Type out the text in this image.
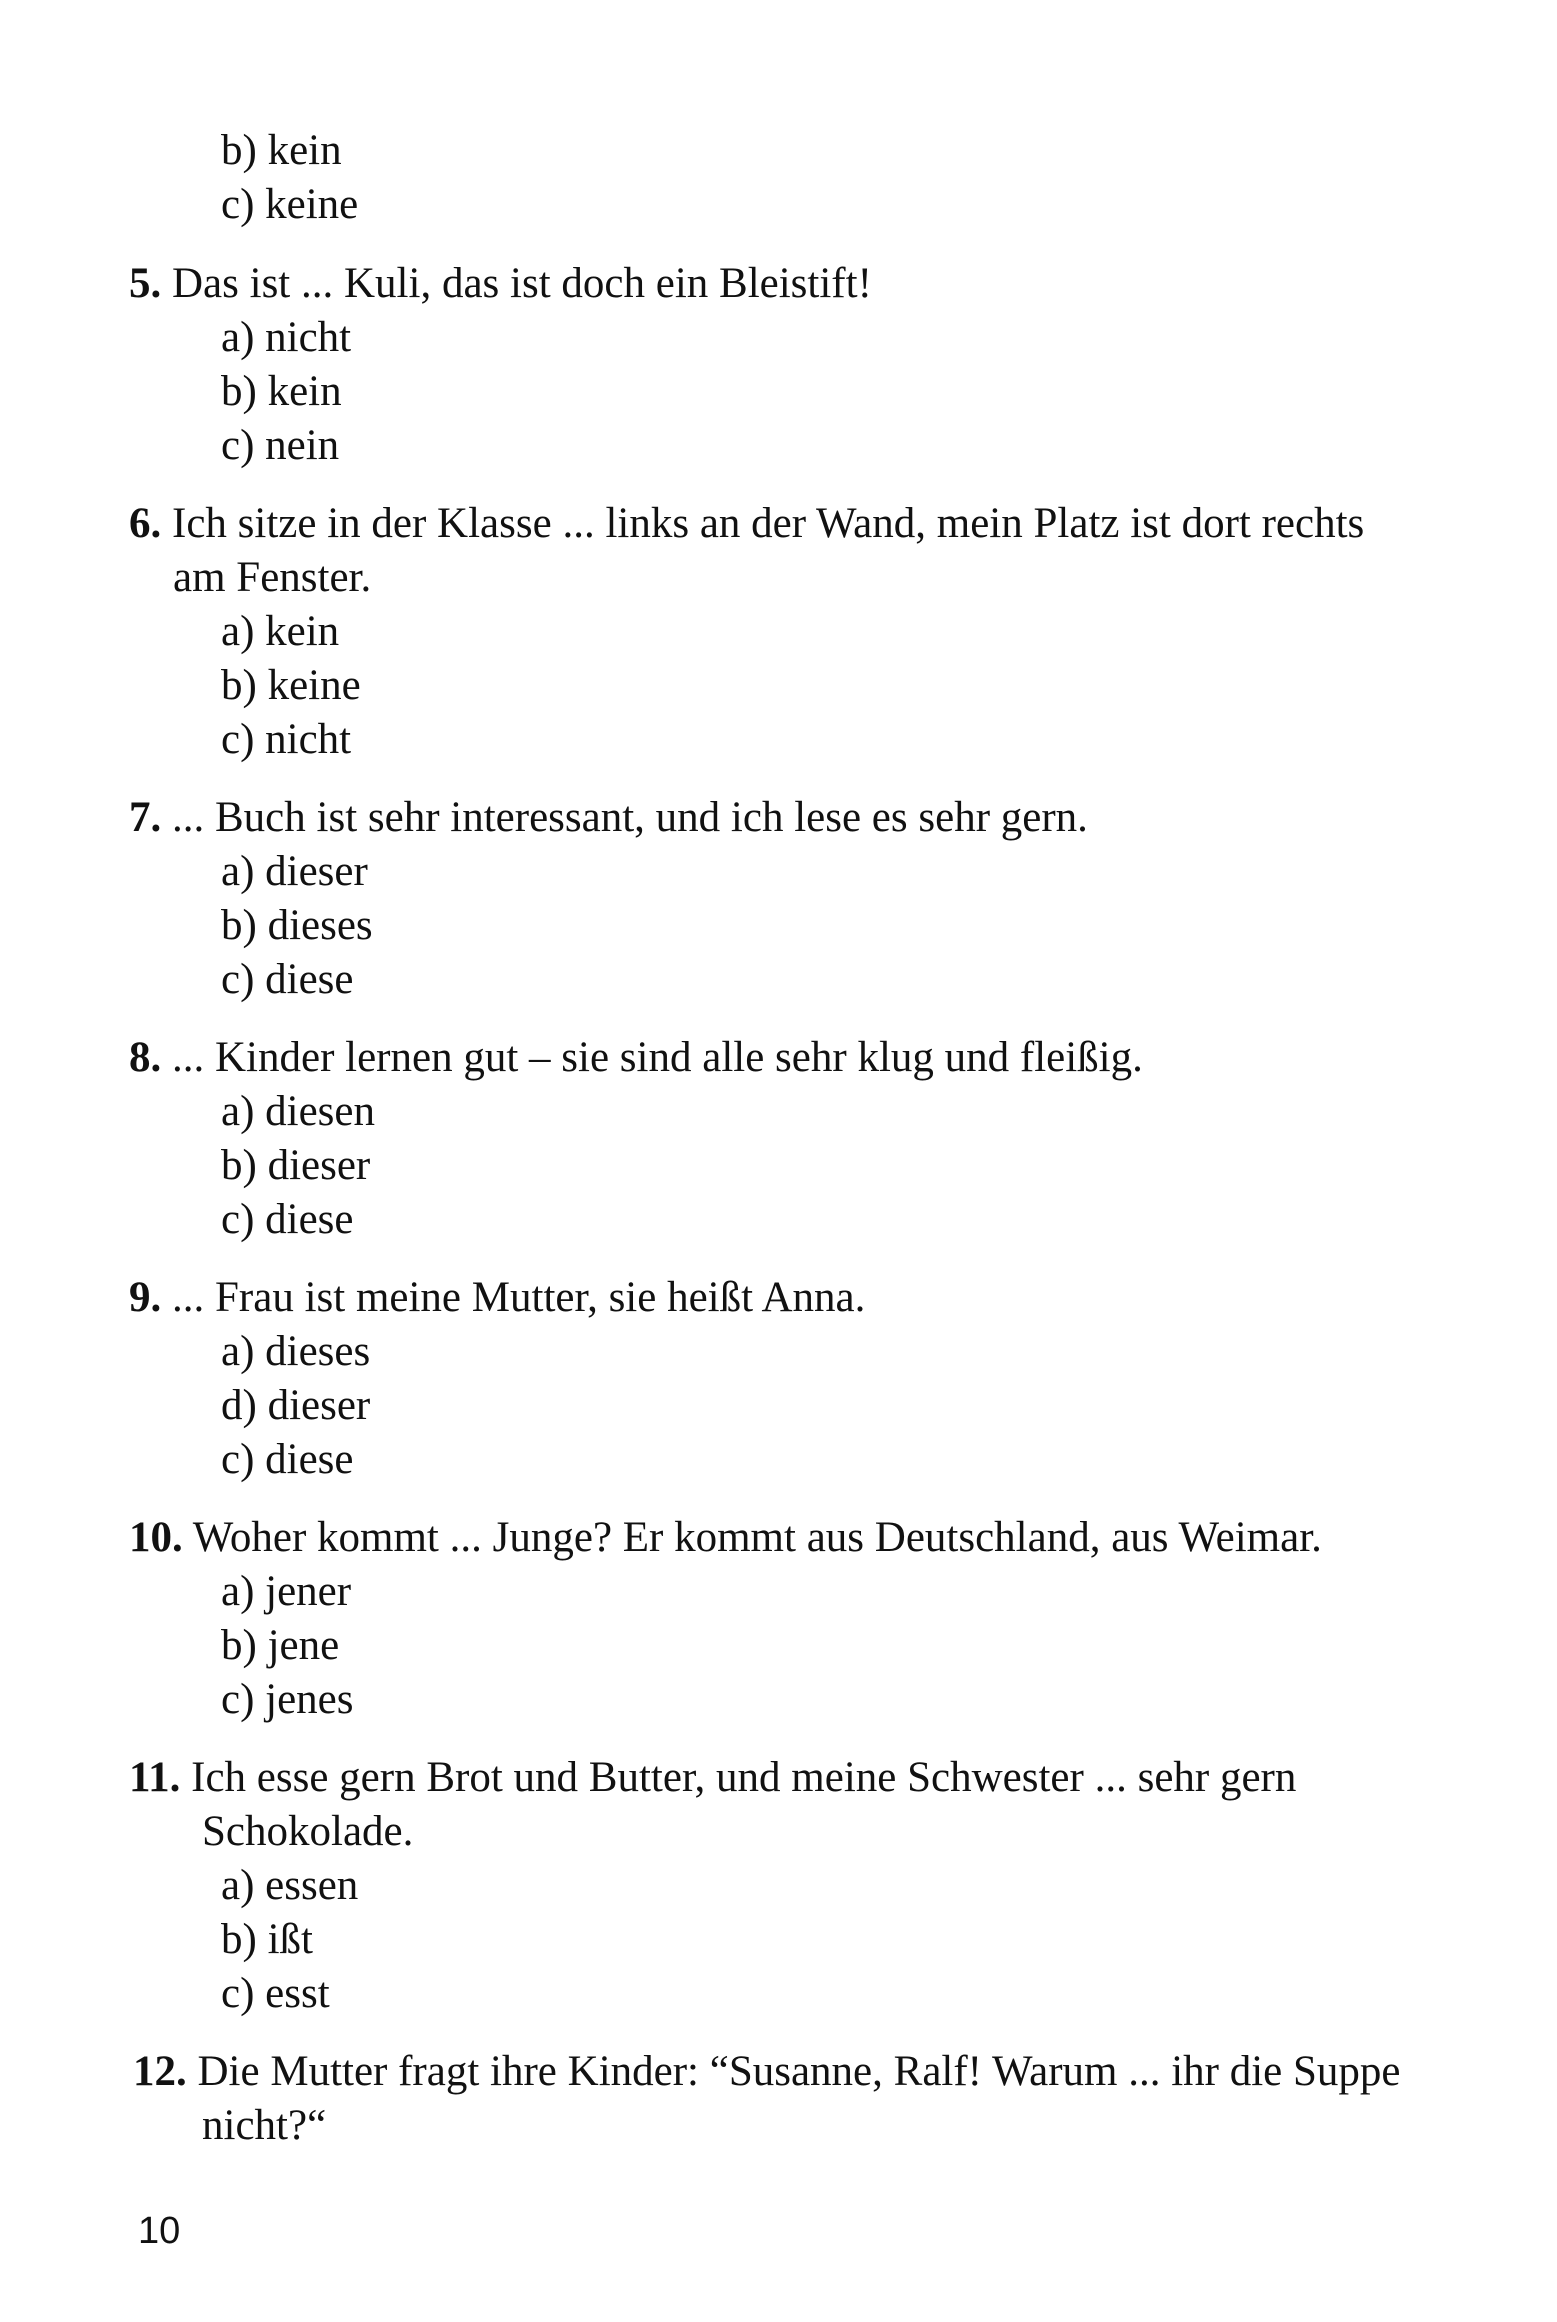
b) kein
c) keine
5. Das ist ... Kuli, das ist doch ein Bleistift!
a) nicht
b) kein
c) nein
6. Ich sitze in der Klasse ... links an der Wand, mein Platz ist dort rechts
am Fenster.
a) kein
b) keine
c) nicht
7. ... Buch ist sehr interessant, und ich lese es sehr gern.
a) dieser
b) dieses
c) diese
8. ... Kinder lernen gut – sie sind alle sehr klug und fleißig.
a) diesen
b) dieser
c) diese
9. ... Frau ist meine Mutter, sie heißt Anna.
a) dieses
d) dieser
c) diese
10. Woher kommt ... Junge? Er kommt aus Deutschland, aus Weimar.
a) jener
b) jene
c) jenes
11. Ich esse gern Brot und Butter, und meine Schwester ... sehr gern
Schokolade.
a) essen
b) ißt
c) esst
12. Die Mutter fragt ihre Kinder: “Susanne, Ralf! Warum ... ihr die Suppe
nicht?“
10
